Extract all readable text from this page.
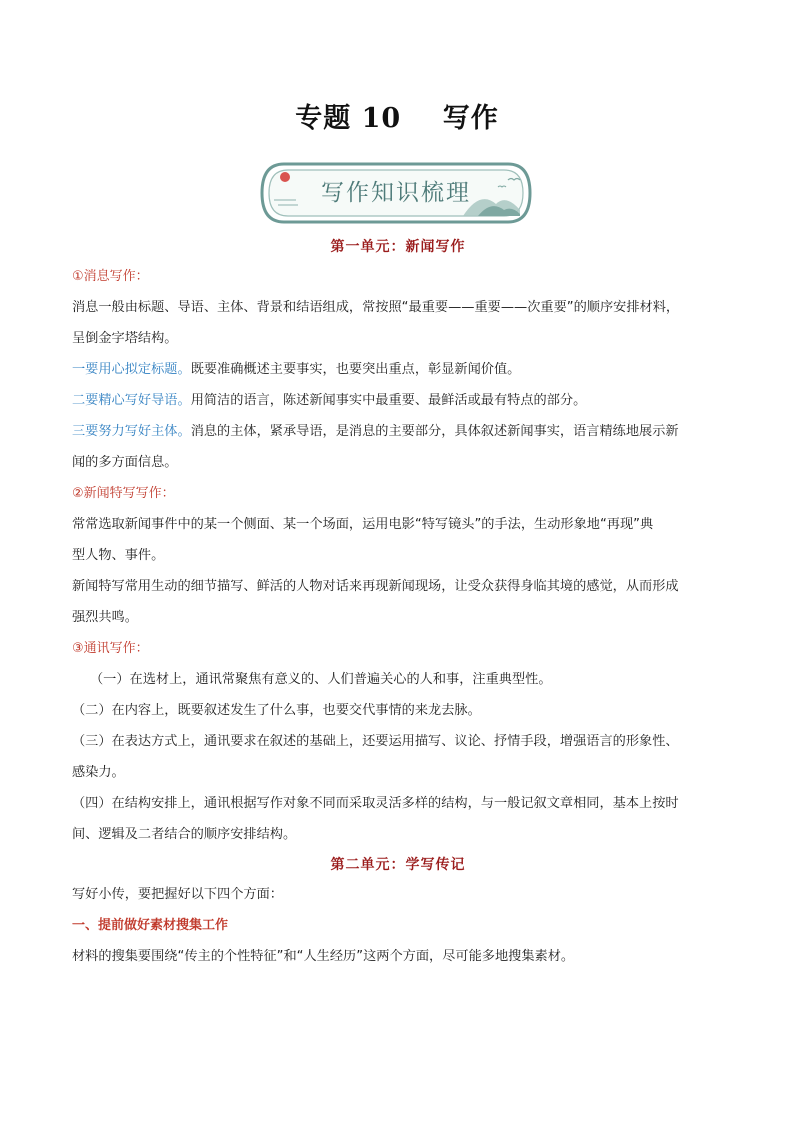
专题 10    写作
写作知识梳理

第一单元：新闻写作

①消息写作：

消息一般由标题、导语、主体、背景和结语组成，常按照“最重要——重要——次重要”的顺序安排材料，

呈倒金字塔结构。

一要用心拟定标题。既要准确概述主要事实，也要突出重点，彰显新闻价值。

二要精心写好导语。用简洁的语言，陈述新闻事实中最重要、最鲜活或最有特点的部分。

三要努力写好主体。消息的主体，紧承导语，是消息的主要部分，具体叙述新闻事实，语言精练地展示新

闻的多方面信息。

②新闻特写写作：

常常选取新闻事件中的某一个侧面、某一个场面，运用电影“特写镜头”的手法，生动形象地“再现”典

型人物、事件。

新闻特写常用生动的细节描写、鲜活的人物对话来再现新闻现场，让受众获得身临其境的感觉，从而形成

强烈共鸣。

③通讯写作：

（一）在选材上，通讯常聚焦有意义的、人们普遍关心的人和事，注重典型性。

（二）在内容上，既要叙述发生了什么事，也要交代事情的来龙去脉。

（三）在表达方式上，通讯要求在叙述的基础上，还要运用描写、议论、抒情手段，增强语言的形象性、

感染力。

（四）在结构安排上，通讯根据写作对象不同而采取灵活多样的结构，与一般记叙文章相同，基本上按时

间、逻辑及二者结合的顺序安排结构。

第二单元：学写传记

写好小传，要把握好以下四个方面：

一、提前做好素材搜集工作

材料的搜集要围绕“传主的个性特征”和“人生经历”这两个方面，尽可能多地搜集素材。
